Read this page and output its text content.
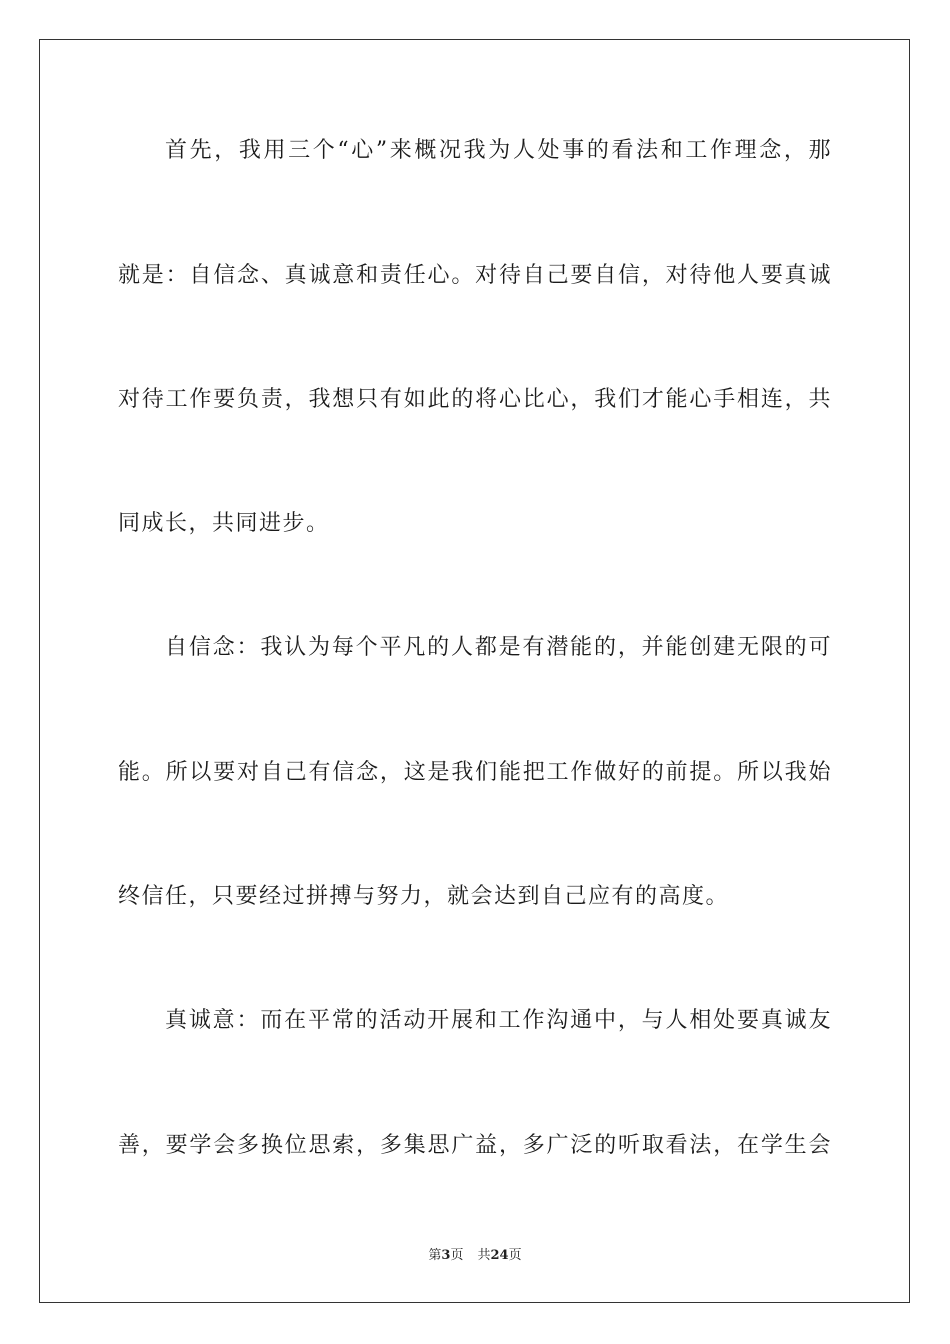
首先，我用三个“心”来概况我为人处事的看法和工作理念，那
就是：自信念、真诚意和责任心。对待自己要自信，对待他人要真诚
对待工作要负责，我想只有如此的将心比心，我们才能心手相连，共
同成长，共同进步。
自信念：我认为每个平凡的人都是有潜能的，并能创建无限的可
能。所以要对自己有信念，这是我们能把工作做好的前提。所以我始
终信任，只要经过拼搏与努力，就会达到自己应有的高度。
真诚意：而在平常的活动开展和工作沟通中，与人相处要真诚友
善，要学会多换位思索，多集思广益，多广泛的听取看法，在学生会
第3页 共24页
